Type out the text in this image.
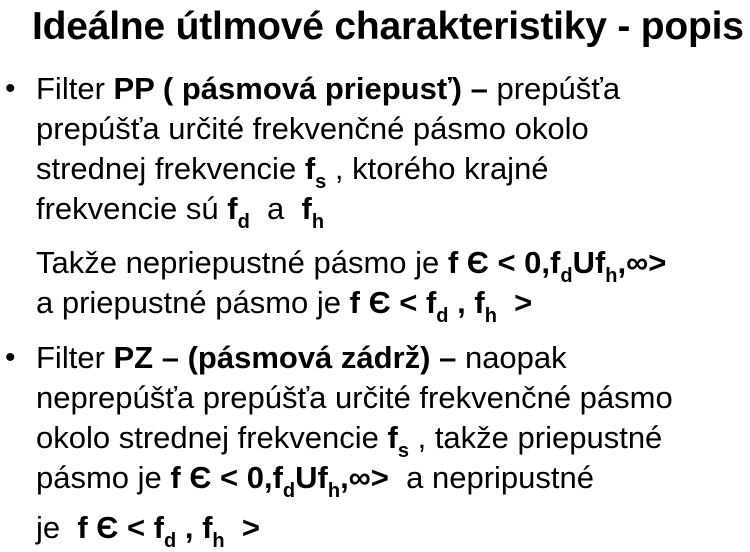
Ideálne útlmové charakteristiky - popis
• Filter PP ( pásmová priepusť) – prepúšťa
prepúšťa určité frekvenčné pásmo okolo
strednej frekvencie $f_s$ , ktorého krajné
frekvencie sú $f_d$  a  $f_h$
Takže nepriepustné pásmo je f $Є < 0,f_dUf_h,\infty>$
a priepustné pásmo je f $Є < f_d$ , $f_h$  >
• Filter PZ – (pásmová zádrž) – naopak
neprepúšťa prepúšťa určité frekvenčné pásmo
okolo strednej frekvencie $f_s$ , takže priepustné
pásmo je f $Є < 0,f_dUf_h,\infty> a$ nepripustné
je  f $Є < f_d$ , $f_h$  >
